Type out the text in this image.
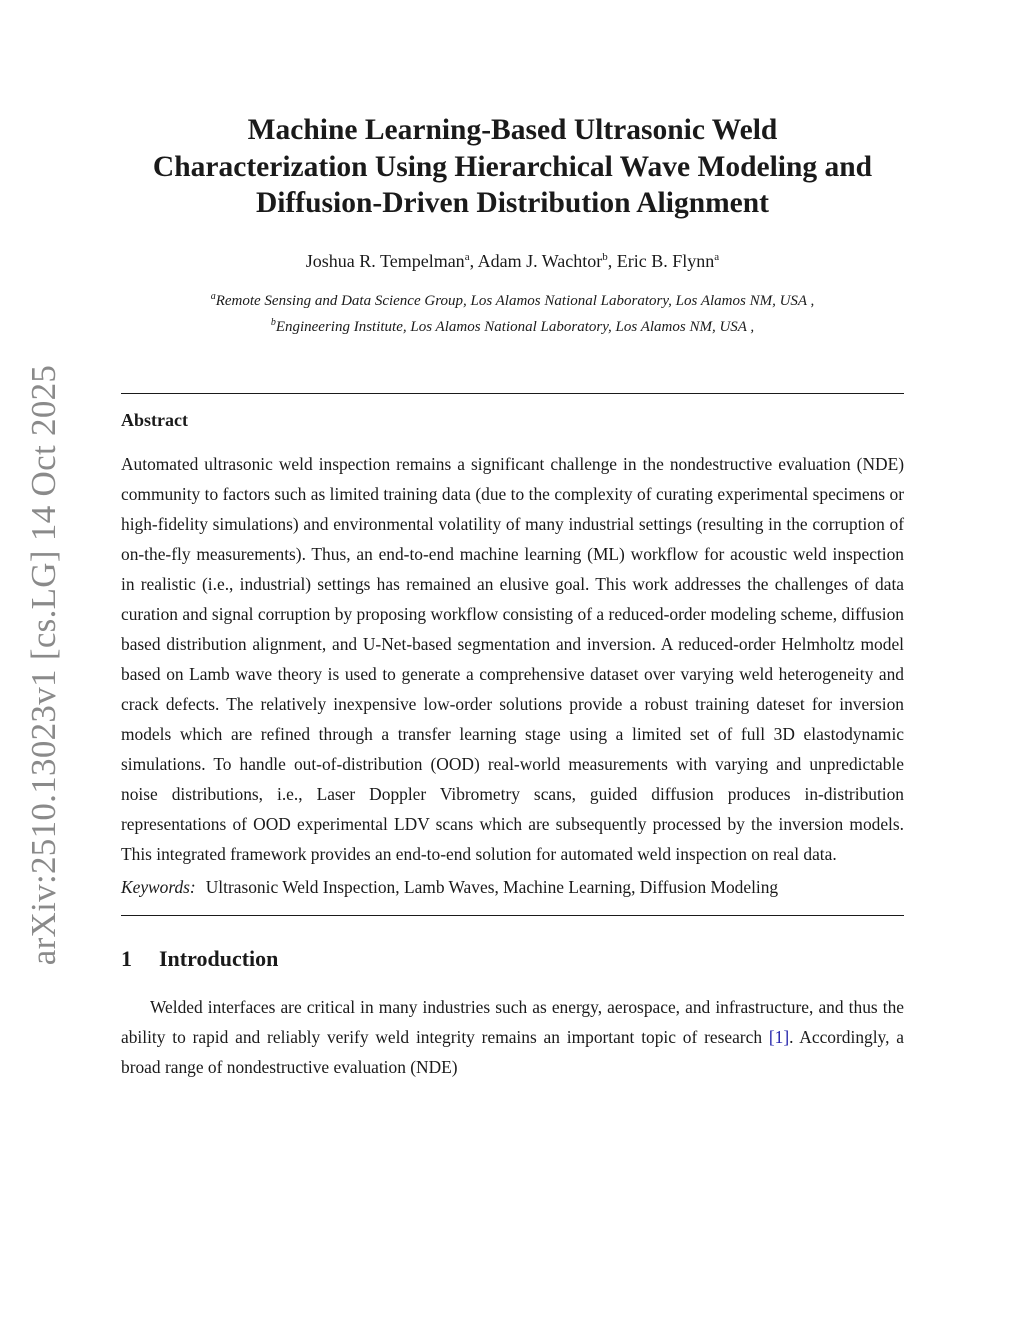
arXiv:2510.13023v1 [cs.LG] 14 Oct 2025
Machine Learning-Based Ultrasonic Weld
Characterization Using Hierarchical Wave Modeling and
Diffusion-Driven Distribution Alignment
Joshua R. Tempelman$^a$, Adam J. Wachtor$^b$, Eric B. Flynn$^a$
$^a$Remote Sensing and Data Science Group, Los Alamos National Laboratory, Los Alamos NM, USA ,
$^b$Engineering Institute, Los Alamos National Laboratory, Los Alamos NM, USA ,
Abstract
Automated ultrasonic weld inspection remains a significant challenge in the nondestructive evaluation (NDE) community to factors such as limited training data (due to the complexity of curating experimental specimens or high-fidelity simulations) and environmental volatility of many industrial settings (resulting in the corruption of on-the-fly measurements). Thus, an end-to-end machine learning (ML) workflow for acoustic weld inspection in realistic (i.e., industrial) settings has remained an elusive goal. This work addresses the challenges of data curation and signal corruption by proposing workflow consisting of a reduced-order modeling scheme, diffusion based distribution alignment, and U-Net-based segmentation and inversion. A reduced-order Helmholtz model based on Lamb wave theory is used to generate a comprehensive dataset over varying weld heterogeneity and crack defects. The relatively inexpensive low-order solutions provide a robust training dateset for inversion models which are refined through a transfer learning stage using a limited set of full 3D elastodynamic simulations. To handle out-of-distribution (OOD) real-world measurements with varying and unpredictable noise distributions, i.e., Laser Doppler Vibrometry scans, guided diffusion produces in-distribution representations of OOD experimental LDV scans which are subsequently processed by the inversion models. This integrated framework provides an end-to-end solution for automated weld inspection on real data.
Keywords: Ultrasonic Weld Inspection, Lamb Waves, Machine Learning, Diffusion Modeling
1 Introduction
Welded interfaces are critical in many industries such as energy, aerospace, and infrastructure, and thus the ability to rapid and reliably verify weld integrity remains an important topic of research [1]. Accordingly, a broad range of nondestructive evaluation (NDE)
